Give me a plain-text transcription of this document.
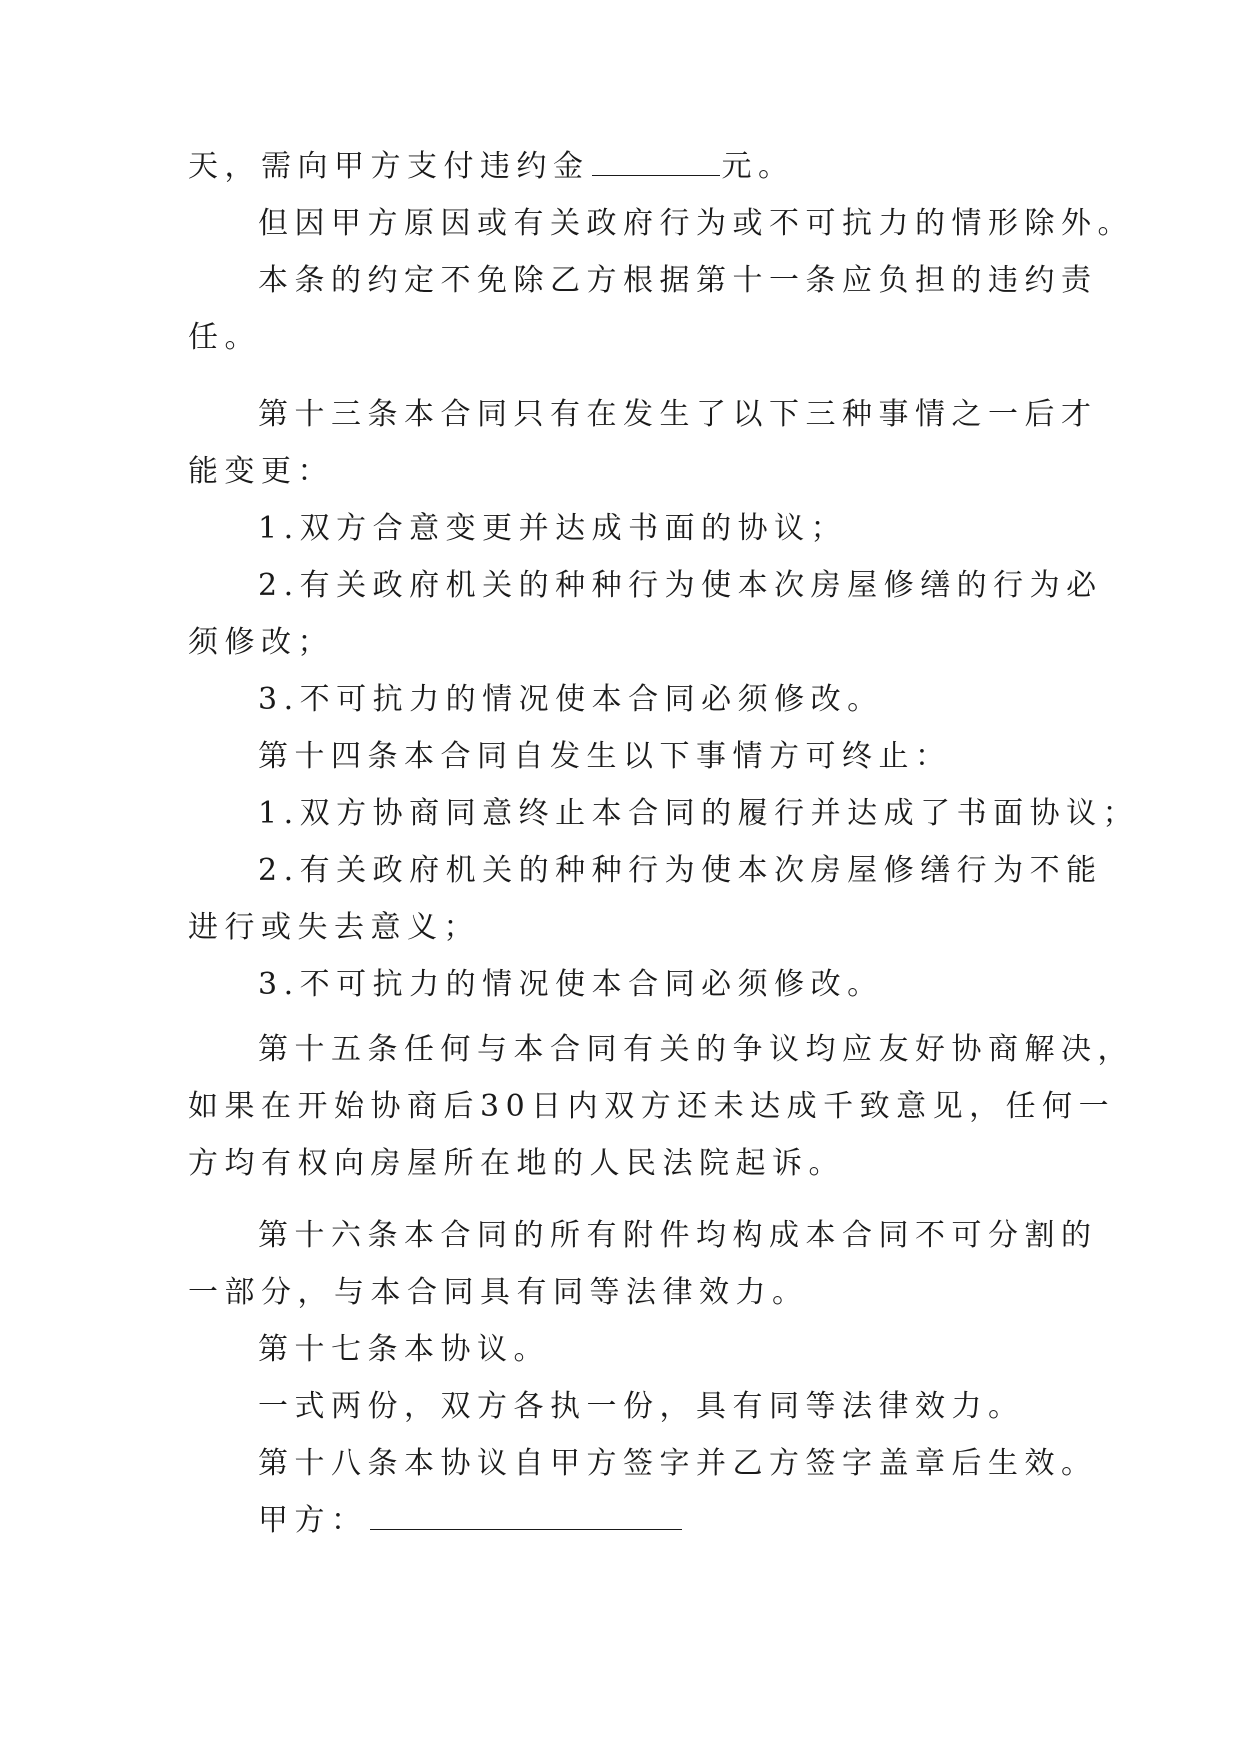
天，需向甲方支付违约金	元。

但因甲方原因或有关政府行为或不可抗力的情形除外。

本条的约定不免除乙方根据第十一条应负担的违约责

任。

第十三条本合同只有在发生了以下三种事情之一后才

能变更：

1.双方合意变更并达成书面的协议；

2.有关政府机关的种种行为使本次房屋修缮的行为必

须修改；

3.不可抗力的情况使本合同必须修改。

第十四条本合同自发生以下事情方可终止：

1.双方协商同意终止本合同的履行并达成了书面协议；

2.有关政府机关的种种行为使本次房屋修缮行为不能

进行或失去意义；

3.不可抗力的情况使本合同必须修改。

第十五条任何与本合同有关的争议均应友好协商解决，

如果在开始协商后30日内双方还未达成千致意见，任何一

方均有权向房屋所在地的人民法院起诉。

第十六条本合同的所有附件均构成本合同不可分割的

一部分，与本合同具有同等法律效力。

第十七条本协议。

一式两份，双方各执一份，具有同等法律效力。

第十八条本协议自甲方签字并乙方签字盖章后生效。

甲方：
